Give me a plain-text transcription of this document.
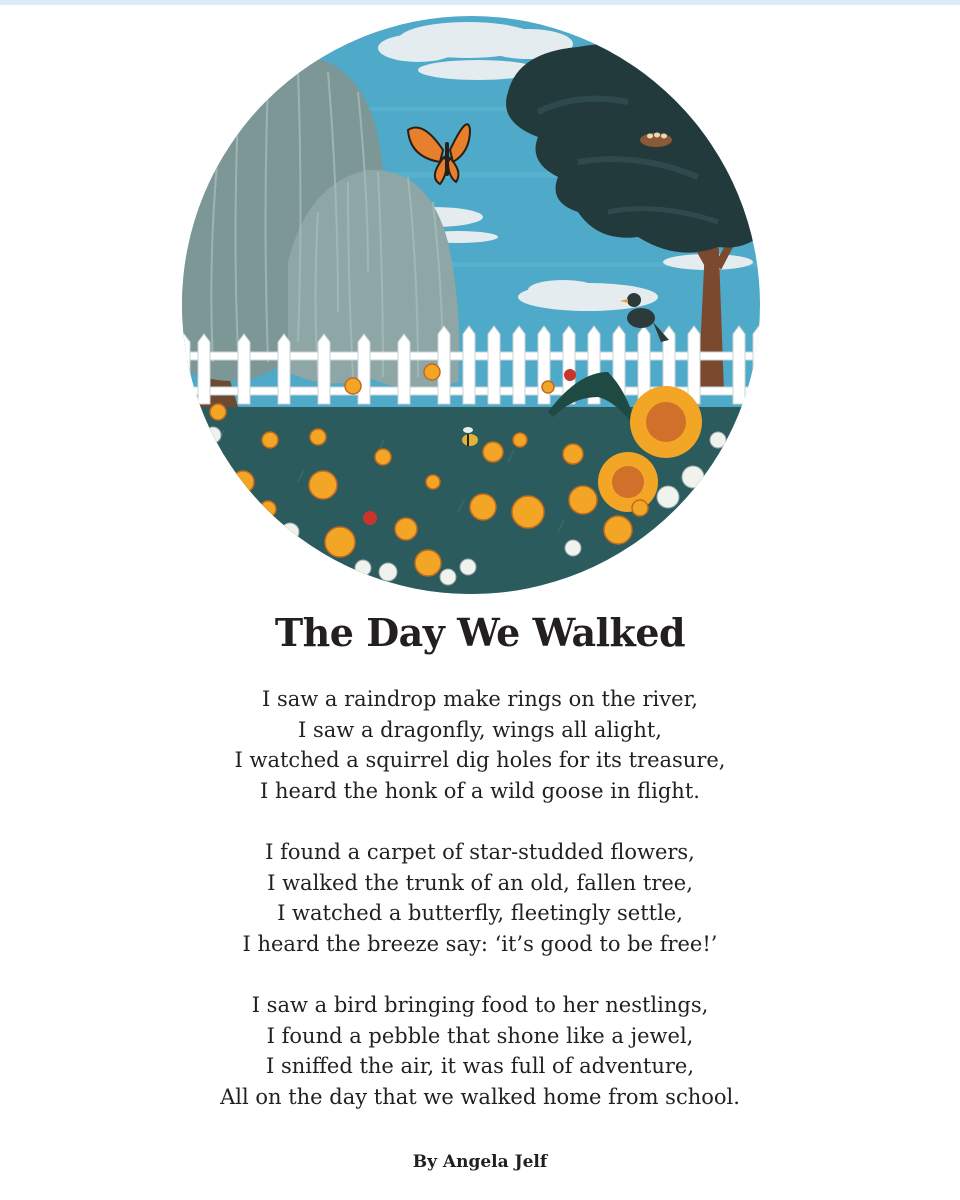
The Day We Walked
I saw a raindrop make rings on the river,
I saw a dragonfly, wings all alight,
I watched a squirrel dig holes for its treasure,
I heard the honk of a wild goose in flight.
I found a carpet of star-studded flowers,
I walked the trunk of an old, fallen tree,
I watched a butterfly, fleetingly settle,
I heard the breeze say: ‘it’s good to be free!’
I saw a bird bringing food to her nestlings,
I found a pebble that shone like a jewel,
I sniffed the air, it was full of adventure,
All on the day that we walked home from school.
By Angela Jelf
